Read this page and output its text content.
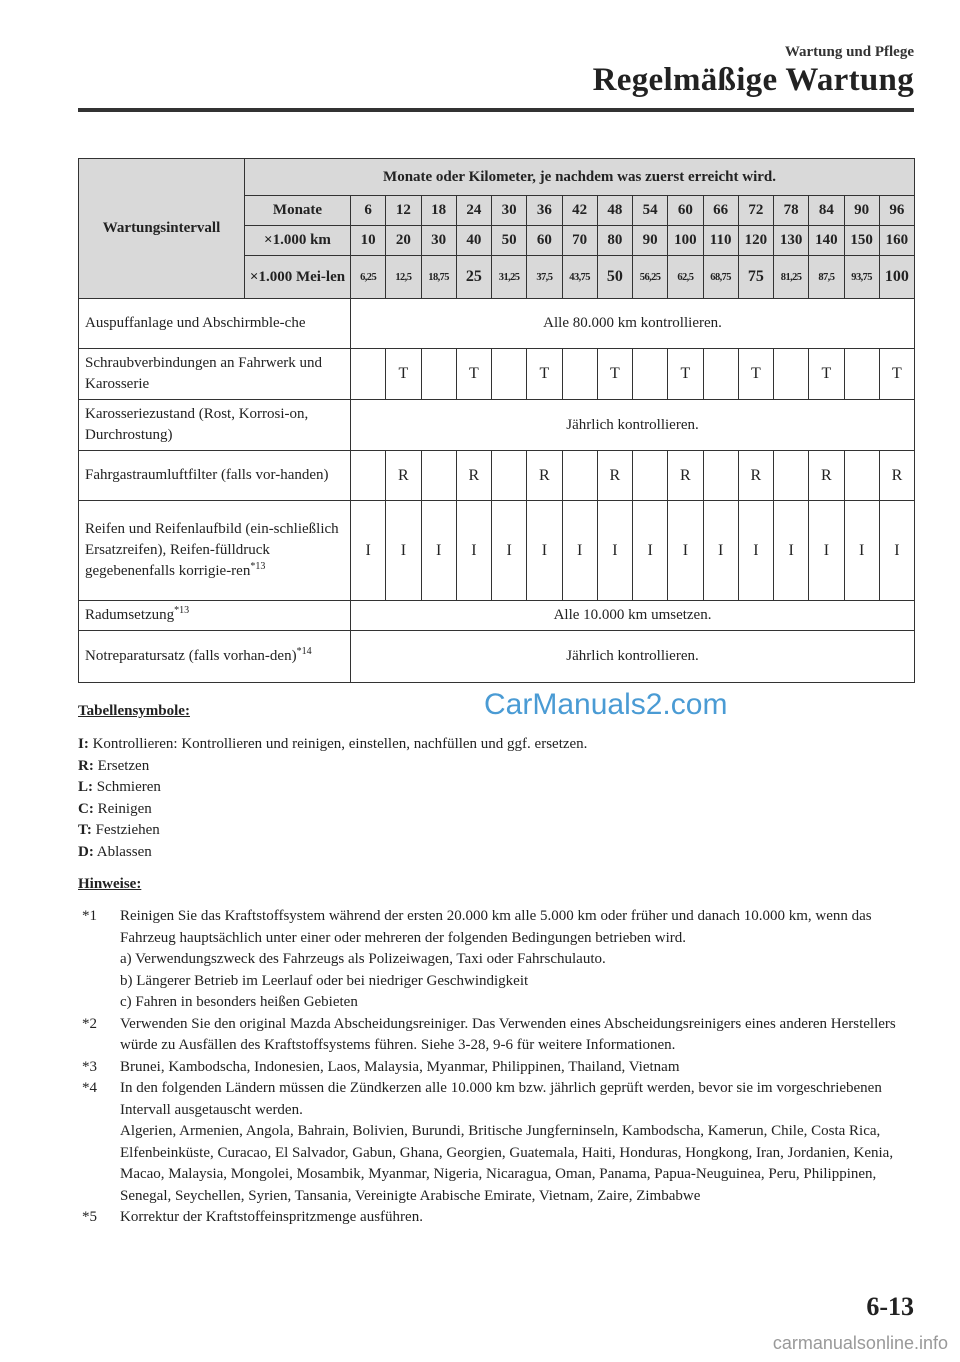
Wartung und Pflege
Regelmäßige Wartung
Wartungsintervall	Monate oder Kilometer, je nachdem was zuerst erreicht wird.																
	Monate	6	12	18	24	30	36	42	48	54	60	66	72	78	84	90	96
	×1.000 km	10	20	30	40	50	60	70	80	90	100	110	120	130	140	150	160
	×1.000 Mei-len	6,25	12,5	18,75	25	31,25	37,5	43,75	50	56,25	62,5	68,75	75	81,25	87,5	93,75	100
Auspuffanlage und Abschirmble-che		Alle 80.000 km kontrollieren.															
Schraubverbindungen an Fahrwerk und Karosserie			T		T		T		T		T		T		T		T
Karosseriezustand (Rost, Korrosi-on, Durchrostung)		Jährlich kontrollieren.															
Fahrgastraumluftfilter (falls vor-handen)			R		R		R		R		R		R		R		R
Reifen und Reifenlaufbild (ein-schließlich Ersatzreifen), Reifen-fülldruck gegebenenfalls korrigie-ren$^{*13}$		I	I	I	I	I	I	I	I	I	I	I	I	I	I	I	I
Radumsetzung$^{*13}$		Alle 10.000 km umsetzen.															
Notreparatursatz (falls vorhan-den)$^{*14}$		Jährlich kontrollieren.															
Tabellensymbole:	CarManuals2.com
I: Kontrollieren: Kontrollieren und reinigen, einstellen, nachfüllen und ggf. ersetzen.
R: Ersetzen
L: Schmieren
C: Reinigen
T: Festziehen
D: Ablassen
Hinweise:
*1 Reinigen Sie das Kraftstoffsystem während der ersten 20.000 km alle 5.000 km oder früher und danach 10.000 km, wenn das Fahrzeug hauptsächlich unter einer oder mehreren der folgenden Bedingungen betrieben wird.
a) Verwendungszweck des Fahrzeugs als Polizeiwagen, Taxi oder Fahrschulauto.
b) Längerer Betrieb im Leerlauf oder bei niedriger Geschwindigkeit
c) Fahren in besonders heißen Gebieten
*2 Verwenden Sie den original Mazda Abscheidungsreiniger. Das Verwenden eines Abscheidungsreinigers eines anderen Herstellers würde zu Ausfällen des Kraftstoffsystems führen. Siehe 3-28, 9-6 für weitere Informationen.
*3 Brunei, Kambodscha, Indonesien, Laos, Malaysia, Myanmar, Philippinen, Thailand, Vietnam
*4 In den folgenden Ländern müssen die Zündkerzen alle 10.000 km bzw. jährlich geprüft werden, bevor sie im vorgeschriebenen Intervall ausgetauscht werden.
Algerien, Armenien, Angola, Bahrain, Bolivien, Burundi, Britische Jungferninseln, Kambodscha, Kamerun, Chile, Costa Rica, Elfenbeinküste, Curacao, El Salvador, Gabun, Ghana, Georgien, Guatemala, Haiti, Honduras, Hongkong, Iran, Jordanien, Kenia, Macao, Malaysia, Mongolei, Mosambik, Myanmar, Nigeria, Nicaragua, Oman, Panama, Papua-Neuguinea, Peru, Philippinen, Senegal, Seychellen, Syrien, Tansania, Vereinigte Arabische Emirate, Vietnam, Zaire, Zimbabwe
*5 Korrektur der Kraftstoffeinspritzmenge ausführen.
6-13
carmanualsonline.info
